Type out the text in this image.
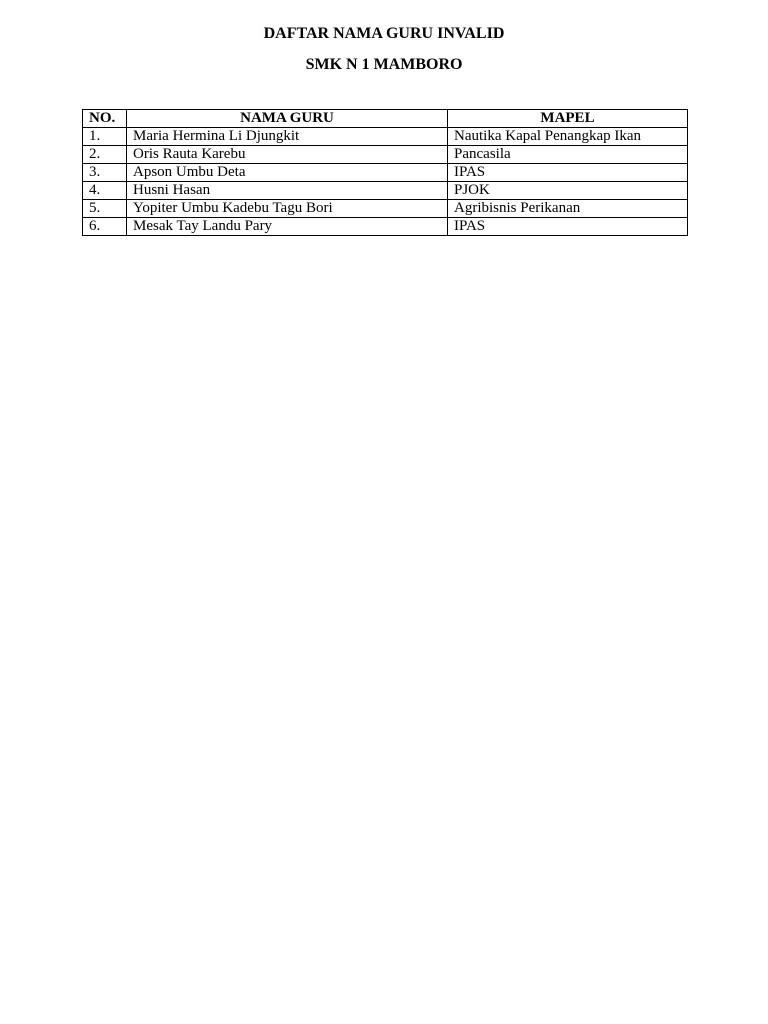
DAFTAR NAMA GURU INVALID
SMK N 1 MAMBORO
NO.	NAMA GURU	MAPEL
1.	Maria Hermina Li Djungkit	Nautika Kapal Penangkap Ikan
2.	Oris Rauta Karebu	Pancasila
3.	Apson Umbu Deta	IPAS
4.	Husni Hasan	PJOK
5.	Yopiter Umbu Kadebu Tagu Bori	Agribisnis Perikanan
6.	Mesak Tay Landu Pary	IPAS
